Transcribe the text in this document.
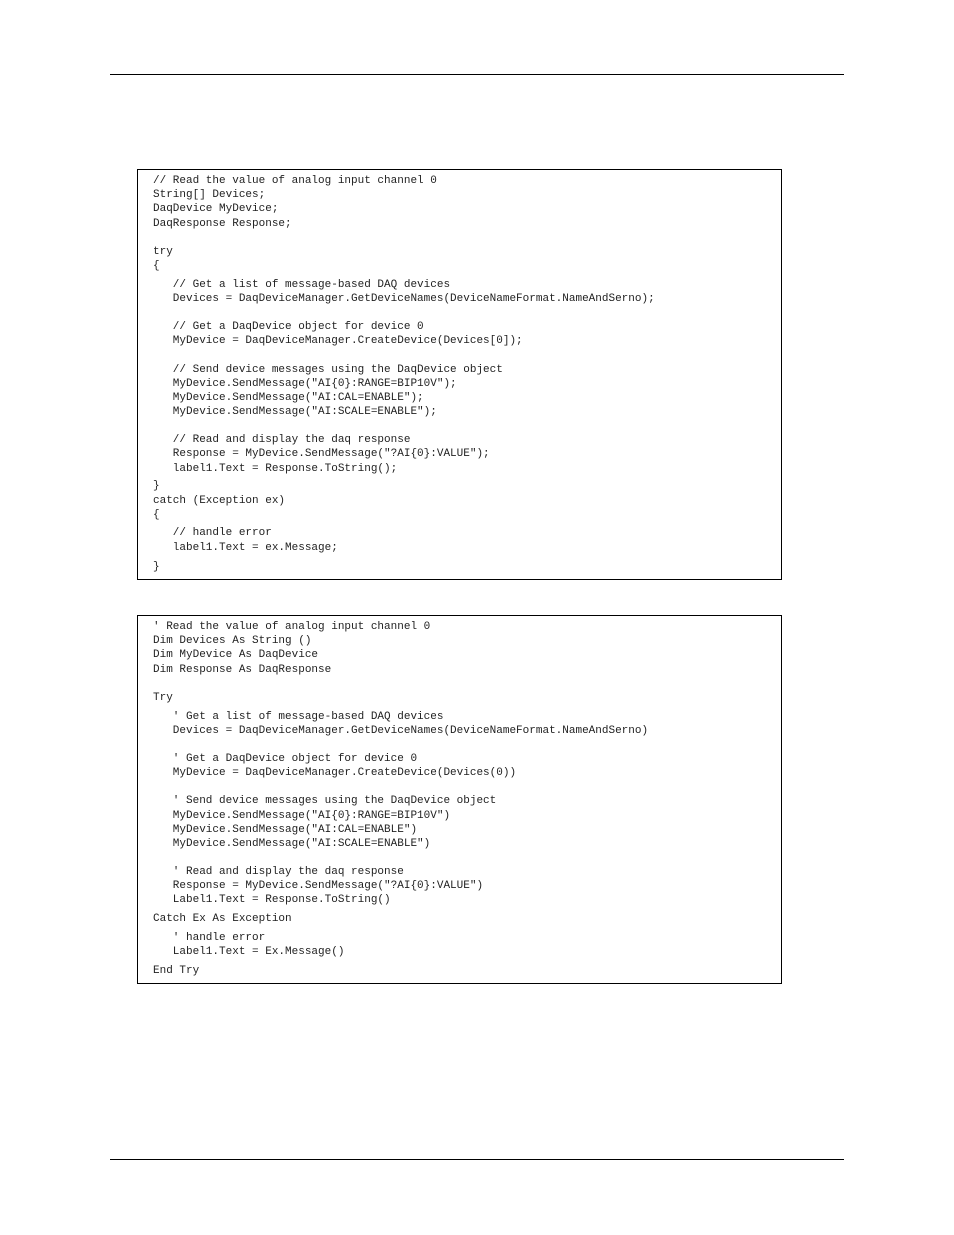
// Read the value of analog input channel 0
String[] Devices;
DaqDevice MyDevice;
DaqResponse Response;
try
{
// Get a list of message-based DAQ devices
Devices = DaqDeviceManager.GetDeviceNames(DeviceNameFormat.NameAndSerno);
// Get a DaqDevice object for device 0
MyDevice = DaqDeviceManager.CreateDevice(Devices[0]);
// Send device messages using the DaqDevice object
MyDevice.SendMessage("AI{0}:RANGE=BIP10V");
MyDevice.SendMessage("AI:CAL=ENABLE");
MyDevice.SendMessage("AI:SCALE=ENABLE");
// Read and display the daq response
Response = MyDevice.SendMessage("?AI{0}:VALUE");
label1.Text = Response.ToString();
}
catch (Exception ex)
{
// handle error
label1.Text = ex.Message;
}
' Read the value of analog input channel 0
Dim Devices As String ()
Dim MyDevice As DaqDevice
Dim Response As DaqResponse
Try
' Get a list of message-based DAQ devices
Devices = DaqDeviceManager.GetDeviceNames(DeviceNameFormat.NameAndSerno)
' Get a DaqDevice object for device 0
MyDevice = DaqDeviceManager.CreateDevice(Devices(0))
' Send device messages using the DaqDevice object
MyDevice.SendMessage("AI{0}:RANGE=BIP10V")
MyDevice.SendMessage("AI:CAL=ENABLE")
MyDevice.SendMessage("AI:SCALE=ENABLE")
' Read and display the daq response
Response = MyDevice.SendMessage("?AI{0}:VALUE")
Label1.Text = Response.ToString()
Catch Ex As Exception
' handle error
Label1.Text = Ex.Message()
End Try
